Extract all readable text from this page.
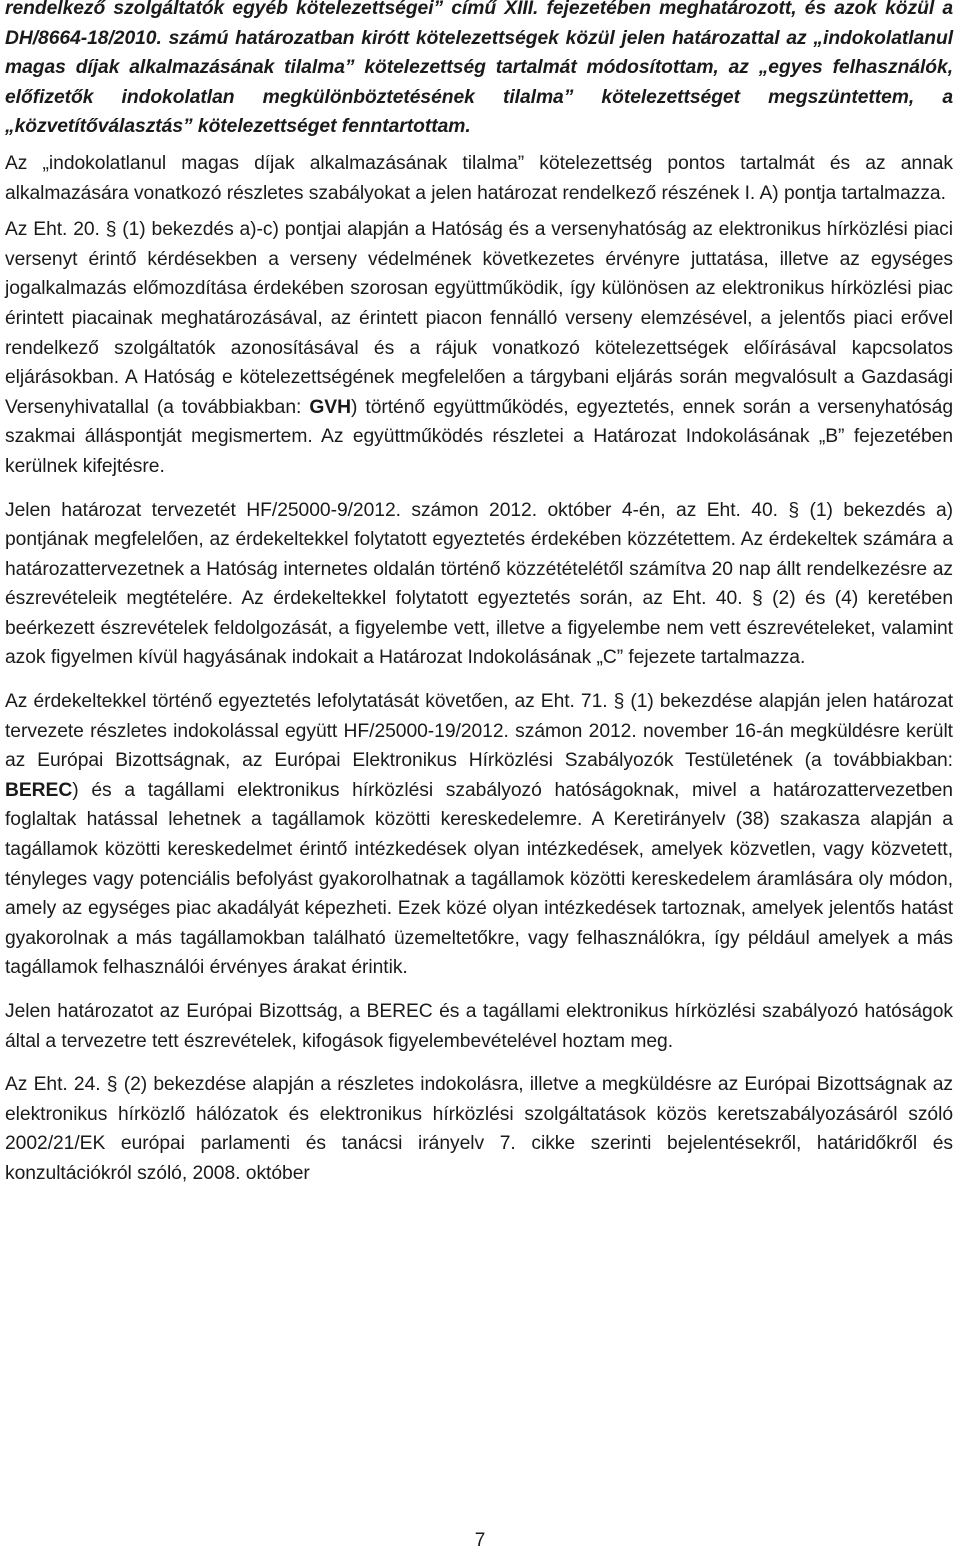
rendelkező szolgáltatók egyéb kötelezettségei” című XIII. fejezetében meghatározott, és azok közül a DH/8664-18/2010. számú határozatban kirótt kötelezettségek közül jelen határozattal az „indokolatlanul magas díjak alkalmazásának tilalma” kötelezettség tartalmát módosítottam, az „egyes felhasználók, előfizetők indokolatlan megkülönböztetésének tilalma” kötelezettséget megszüntettem, a „közvetítőválasztás” kötelezettséget fenntartottam.

Az „indokolatlanul magas díjak alkalmazásának tilalma” kötelezettség pontos tartalmát és az annak alkalmazására vonatkozó részletes szabályokat a jelen határozat rendelkező részének I. A) pontja tartalmazza.

Az Eht. 20. § (1) bekezdés a)-c) pontjai alapján a Hatóság és a versenyhatóság az elektronikus hírközlési piaci versenyt érintő kérdésekben a verseny védelmének következetes érvényre juttatása, illetve az egységes jogalkalmazás előmozdítása érdekében szorosan együttműködik, így különösen az elektronikus hírközlési piac érintett piacainak meghatározásával, az érintett piacon fennálló verseny elemzésével, a jelentős piaci erővel rendelkező szolgáltatók azonosításával és a rájuk vonatkozó kötelezettségek előírásával kapcsolatos eljárásokban. A Hatóság e kötelezettségének megfelelően a tárgybani eljárás során megvalósult a Gazdasági Versenyhivatallal (a továbbiakban: GVH) történő együttműködés, egyeztetés, ennek során a versenyhatóság szakmai álláspontját megismertem. Az együttműködés részletei a Határozat Indokolásának „B” fejezetében kerülnek kifejtésre.

Jelen határozat tervezetét HF/25000-9/2012. számon 2012. október 4-én, az Eht. 40. § (1) bekezdés a) pontjának megfelelően, az érdekeltekkel folytatott egyeztetés érdekében közzétettem. Az érdekeltek számára a határozattervezetnek a Hatóság internetes oldalán történő közzétételétől számítva 20 nap állt rendelkezésre az észrevételeik megtételére. Az érdekeltekkel folytatott egyeztetés során, az Eht. 40. § (2) és (4) keretében beérkezett észrevételek feldolgozását, a figyelembe vett, illetve a figyelembe nem vett észrevételeket, valamint azok figyelmen kívül hagyásának indokait a Határozat Indokolásának „C” fejezete tartalmazza.

Az érdekeltekkel történő egyeztetés lefolytatását követően, az Eht. 71. § (1) bekezdése alapján jelen határozat tervezete részletes indokolással együtt HF/25000-19/2012. számon 2012. november 16-án megküldésre került az Európai Bizottságnak, az Európai Elektronikus Hírközlési Szabályozók Testületének (a továbbiakban: BEREC) és a tagállami elektronikus hírközlési szabályozó hatóságoknak, mivel a határozattervezetben foglaltak hatással lehetnek a tagállamok közötti kereskedelemre. A Keretirányelv (38) szakasza alapján a tagállamok közötti kereskedelmet érintő intézkedések olyan intézkedések, amelyek közvetlen, vagy közvetett, tényleges vagy potenciális befolyást gyakorolhatnak a tagállamok közötti kereskedelem áramlására oly módon, amely az egységes piac akadályát képezheti. Ezek közé olyan intézkedések tartoznak, amelyek jelentős hatást gyakorolnak a más tagállamokban található üzemeltetőkre, vagy felhasználókra, így például amelyek a más tagállamok felhasználói érvényes árakat érintik.

Jelen határozatot az Európai Bizottság, a BEREC és a tagállami elektronikus hírközlési szabályozó hatóságok által a tervezetre tett észrevételek, kifogások figyelembevételével hoztam meg.

Az Eht. 24. § (2) bekezdése alapján a részletes indokolásra, illetve a megküldésre az Európai Bizottságnak az elektronikus hírközlő hálózatok és elektronikus hírközlési szolgáltatások közös keretszabályozásáról szóló 2002/21/EK európai parlamenti és tanácsi irányelv 7. cikke szerinti bejelentésekről, határidőkről és konzultációkról szóló, 2008. október

7
